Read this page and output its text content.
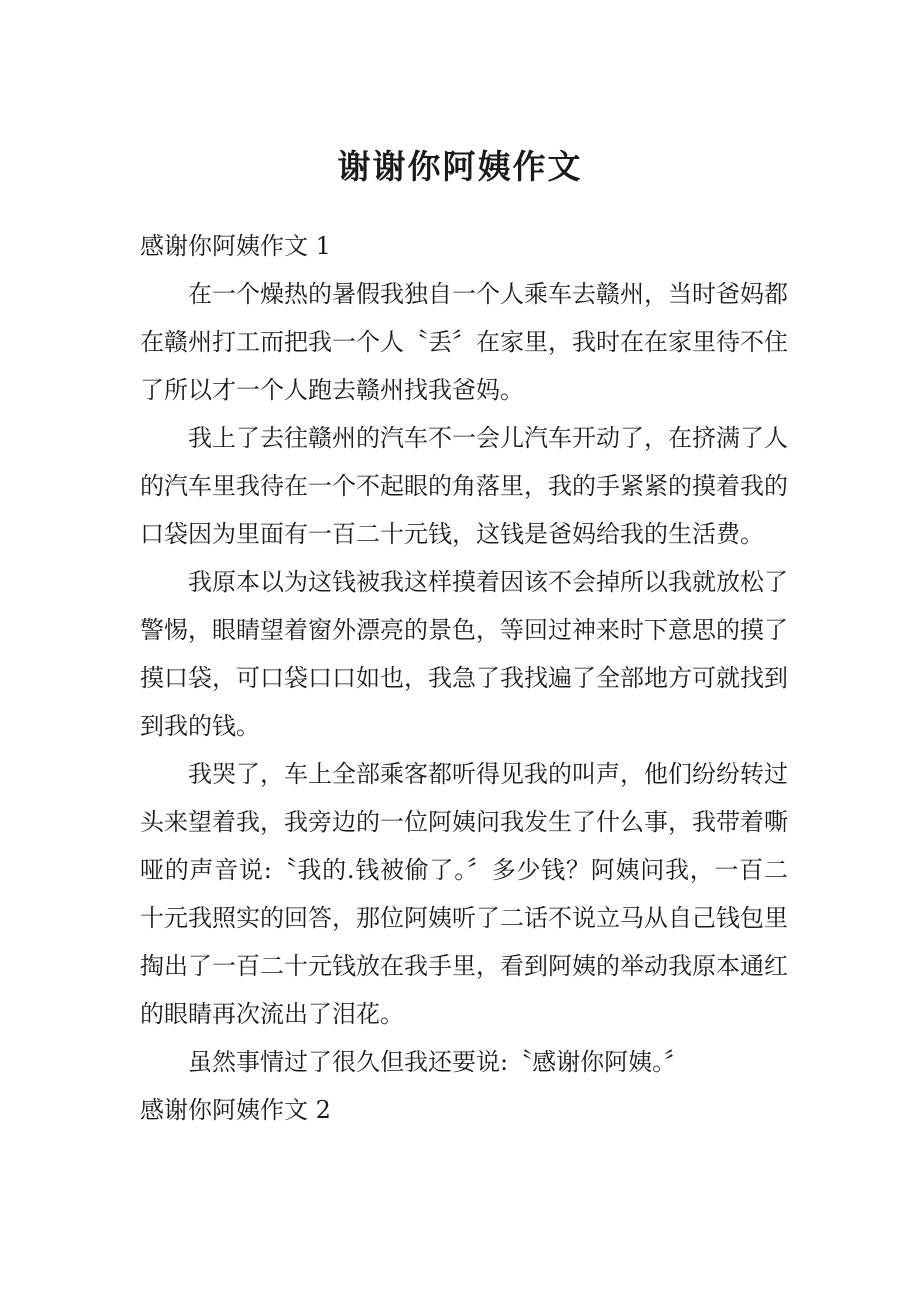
谢谢你阿姨作文

感谢你阿姨作文 1

在一个燥热的暑假我独自一个人乘车去赣州，当时爸妈都在赣州打工而把我一个人〝丢〞在家里，我时在在家里待不住了所以才一个人跑去赣州找我爸妈。

我上了去往赣州的汽车不一会儿汽车开动了，在挤满了人的汽车里我待在一个不起眼的角落里，我的手紧紧的摸着我的口袋因为里面有一百二十元钱，这钱是爸妈给我的生活费。

我原本以为这钱被我这样摸着因该不会掉所以我就放松了警惕，眼睛望着窗外漂亮的景色，等回过神来时下意思的摸了摸口袋，可口袋口口如也，我急了我找遍了全部地方可就找到到我的钱。

我哭了，车上全部乘客都听得见我的叫声，他们纷纷转过头来望着我，我旁边的一位阿姨问我发生了什么事，我带着嘶哑的声音说:〝我的.钱被偷了。〞多少钱？阿姨问我，一百二十元我照实的回答，那位阿姨听了二话不说立马从自己钱包里掏出了一百二十元钱放在我手里，看到阿姨的举动我原本通红的眼睛再次流出了泪花。

虽然事情过了很久但我还要说:〝感谢你阿姨。〞

感谢你阿姨作文 2
